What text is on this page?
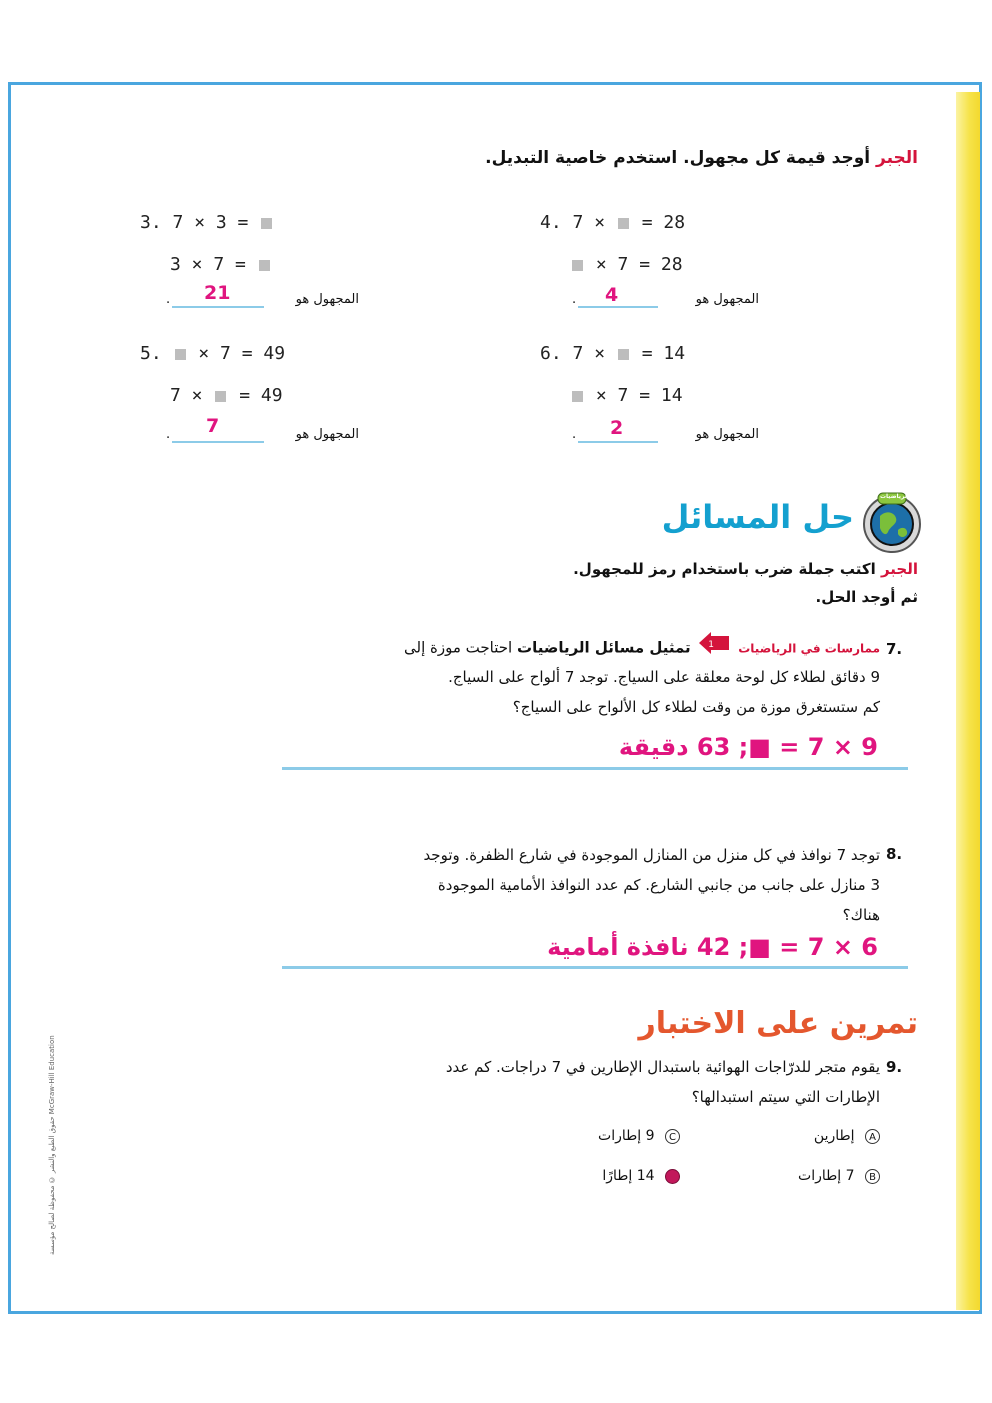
حقوق الطبع والنشر © محفوظة لصالح مؤسسة McGraw-Hill Education
الجبر أوجد قيمة كل مجهول. استخدم خاصية التبديل.
3. 7 × 3 =
3 × 7 =
المجهول هو
. 21
4. 7 × = 28
× 7 = 28
المجهول هو
. 4
5. × 7 = 49
7 × = 49
المجهول هو
. 7
6. 7 × = 14
× 7 = 14
المجهول هو
. 2
الرياضيات
حل المسائل
الجبر اكتب جملة ضرب باستخدام رمز للمجهول.
ثم أوجد الحل.
7.
ممارسات في الرياضيات
1
تمثيل مسائل الرياضيات احتاجت موزة إلى
9 دقائق لطلاء كل لوحة معلقة على السياج. توجد 7 ألواح على السياج.
كم ستستغرق موزة من وقت لطلاء كل الألواح على السياج؟
9 × 7 = ■; 63 دقيقة
8.
توجد 7 نوافذ في كل منزل من المنازل الموجودة في شارع الظفرة. وتوجد
3 منازل على جانب من جانبي الشارع. كم عدد النوافذ الأمامية الموجودة
هناك؟
6 × 7 = ■; 42 نافذة أمامية
تمرين على الاختبار
9.
يقوم متجر للدرّاجات الهوائية باستبدال الإطارين في 7 دراجات. كم عدد
الإطارات التي سيتم استبدالها؟
A إطارين
C 9 إطارات
B 7 إطارات
14 إطارًا
